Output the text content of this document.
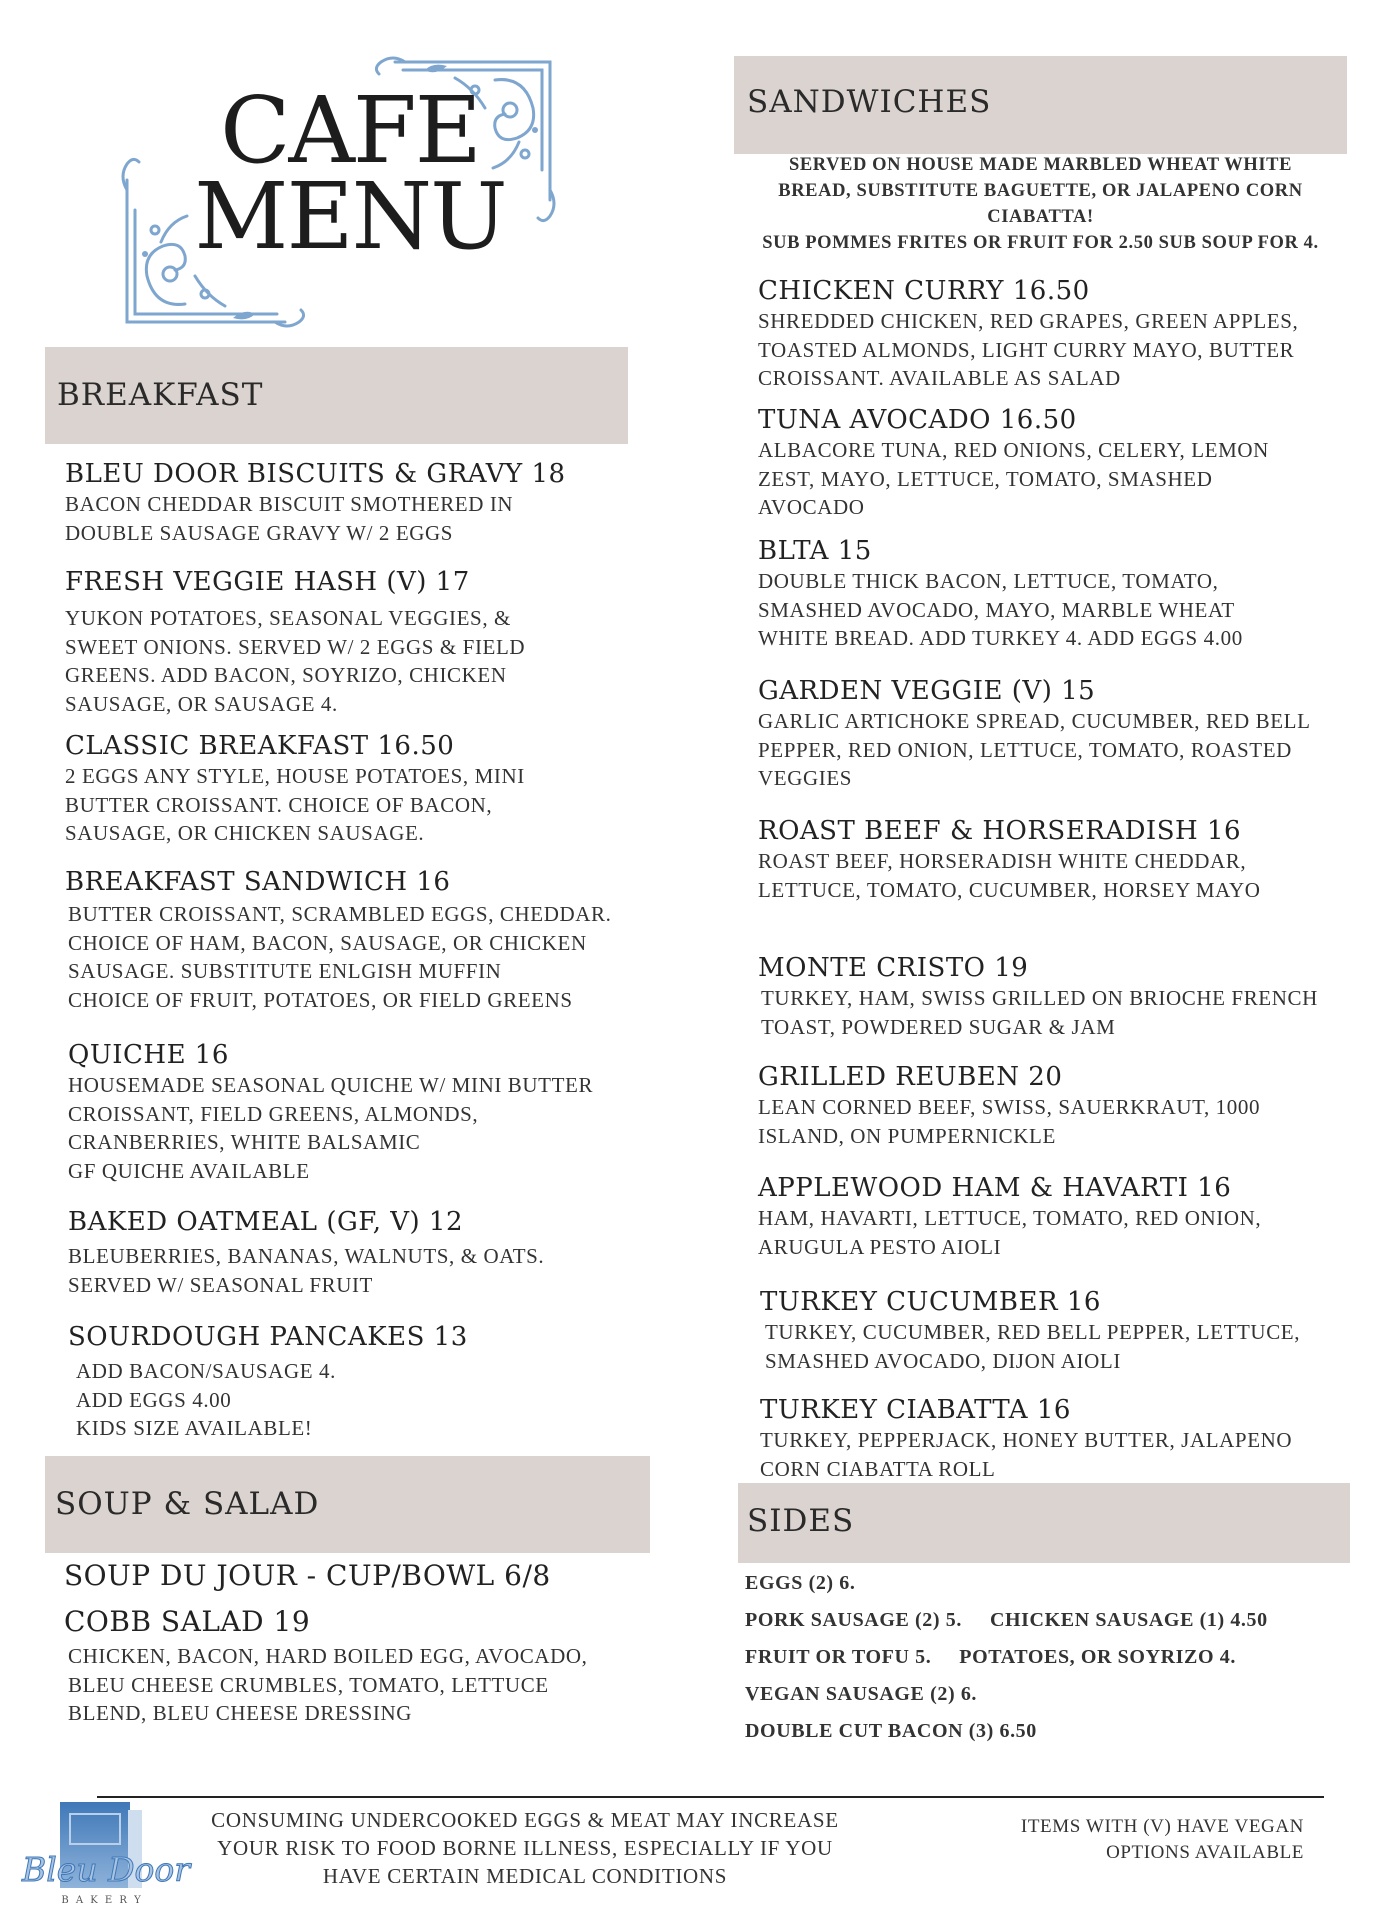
CAFE
MENU
BREAKFAST
BLEU DOOR BISCUITS & GRAVY 18
BACON CHEDDAR BISCUIT SMOTHERED IN
DOUBLE SAUSAGE GRAVY W/ 2 EGGS
FRESH VEGGIE HASH (V) 17
YUKON POTATOES, SEASONAL VEGGIES, &
SWEET ONIONS. SERVED W/ 2 EGGS & FIELD
GREENS. ADD BACON, SOYRIZO, CHICKEN
SAUSAGE, OR SAUSAGE 4.
CLASSIC BREAKFAST 16.50
2 EGGS ANY STYLE, HOUSE POTATOES, MINI
BUTTER CROISSANT. CHOICE OF BACON,
SAUSAGE, OR CHICKEN SAUSAGE.
BREAKFAST SANDWICH 16
BUTTER CROISSANT, SCRAMBLED EGGS, CHEDDAR.
CHOICE OF HAM, BACON, SAUSAGE, OR CHICKEN
SAUSAGE. SUBSTITUTE ENLGISH MUFFIN
CHOICE OF FRUIT, POTATOES, OR FIELD GREENS
QUICHE 16
HOUSEMADE SEASONAL QUICHE W/ MINI BUTTER
CROISSANT, FIELD GREENS, ALMONDS,
CRANBERRIES, WHITE BALSAMIC
GF QUICHE AVAILABLE
BAKED OATMEAL (GF, V) 12
BLEUBERRIES, BANANAS, WALNUTS, & OATS.
SERVED W/ SEASONAL FRUIT
SOURDOUGH PANCAKES 13
ADD BACON/SAUSAGE 4.
ADD EGGS 4.00
KIDS SIZE AVAILABLE!
SOUP & SALAD
SOUP DU JOUR - CUP/BOWL 6/8
COBB SALAD 19
CHICKEN, BACON, HARD BOILED EGG, AVOCADO,
BLEU CHEESE CRUMBLES, TOMATO, LETTUCE
BLEND, BLEU CHEESE DRESSING
SANDWICHES
SERVED ON HOUSE MADE MARBLED WHEAT WHITE
BREAD, SUBSTITUTE BAGUETTE, OR JALAPENO CORN
CIABATTA!
SUB POMMES FRITES OR FRUIT FOR 2.50 SUB SOUP FOR 4.
CHICKEN CURRY 16.50
SHREDDED CHICKEN, RED GRAPES, GREEN APPLES,
TOASTED ALMONDS, LIGHT CURRY MAYO, BUTTER
CROISSANT. AVAILABLE AS SALAD
TUNA AVOCADO 16.50
ALBACORE TUNA, RED ONIONS, CELERY, LEMON
ZEST, MAYO, LETTUCE, TOMATO, SMASHED
AVOCADO
BLTA 15
DOUBLE THICK BACON, LETTUCE, TOMATO,
SMASHED AVOCADO, MAYO, MARBLE WHEAT
WHITE BREAD. ADD TURKEY 4. ADD EGGS 4.00
GARDEN VEGGIE (V) 15
GARLIC ARTICHOKE SPREAD, CUCUMBER, RED BELL
PEPPER, RED ONION, LETTUCE, TOMATO, ROASTED
VEGGIES
ROAST BEEF & HORSERADISH 16
ROAST BEEF, HORSERADISH WHITE CHEDDAR,
LETTUCE, TOMATO, CUCUMBER, HORSEY MAYO
MONTE CRISTO 19
TURKEY, HAM, SWISS GRILLED ON BRIOCHE FRENCH
TOAST, POWDERED SUGAR & JAM
GRILLED REUBEN 20
LEAN CORNED BEEF, SWISS, SAUERKRAUT, 1000
ISLAND, ON PUMPERNICKLE
APPLEWOOD HAM & HAVARTI 16
HAM, HAVARTI, LETTUCE, TOMATO, RED ONION,
ARUGULA PESTO AIOLI
TURKEY CUCUMBER 16
TURKEY, CUCUMBER, RED BELL PEPPER, LETTUCE,
SMASHED AVOCADO, DIJON AIOLI
TURKEY CIABATTA 16
TURKEY, PEPPERJACK, HONEY BUTTER, JALAPENO
CORN CIABATTA ROLL
SIDES
EGGS (2) 6.
PORK SAUSAGE (2) 5.     CHICKEN SAUSAGE (1) 4.50
FRUIT OR TOFU 5.     POTATOES, OR SOYRIZO 4.
VEGAN SAUSAGE (2) 6.
DOUBLE CUT BACON (3) 6.50
Bleu Door
B A K E R Y
CONSUMING UNDERCOOKED EGGS & MEAT MAY INCREASE
YOUR RISK TO FOOD BORNE ILLNESS, ESPECIALLY IF YOU
HAVE CERTAIN MEDICAL CONDITIONS
ITEMS WITH (V) HAVE VEGAN
OPTIONS AVAILABLE
